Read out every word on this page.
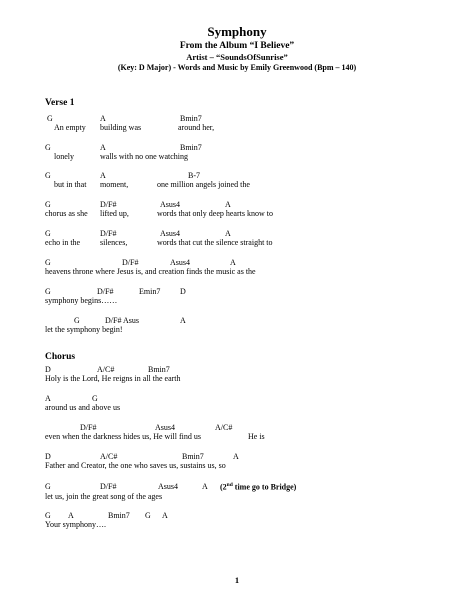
Symphony
From the Album “I Believe”
Artist – “SoundsOfSunrise”
(Key: D Major) - Words and Music by Emily Greenwood (Bpm – 140)
Verse 1
G	A	Bmin7
An empty building was	around her,
G	A	Bmin7
lonely	walls with no one watching
G	A	B-7
but in that moment,	one million angels joined the
G	D/F#	Asus4	A
chorus as she lifted up,	words that only deep hearts know to
G	D/F#	Asus4	A
echo in the silences,	words that cut the silence straight to
G	D/F#	Asus4	A
heavens throne where Jesus is, and creation finds the music as the
G	D/F#	Emin7 D
symphony begins……
G	D/F# Asus	A
let the symphony begin!
Chorus
D	A/C#	Bmin7
Holy is the Lord, He reigns in all the earth
A	G
around us and above us
D/F#	Asus4	A/C#
even when the darkness hides us, He will find us	He is
D	A/C#	Bmin7	A
Father and Creator, the one who saves us, sustains us, so
G	D/F#	Asus4	A (2nd time go to Bridge)
let us, join the great song of the ages
G A	Bmin7 G A
Your symphony….
1
